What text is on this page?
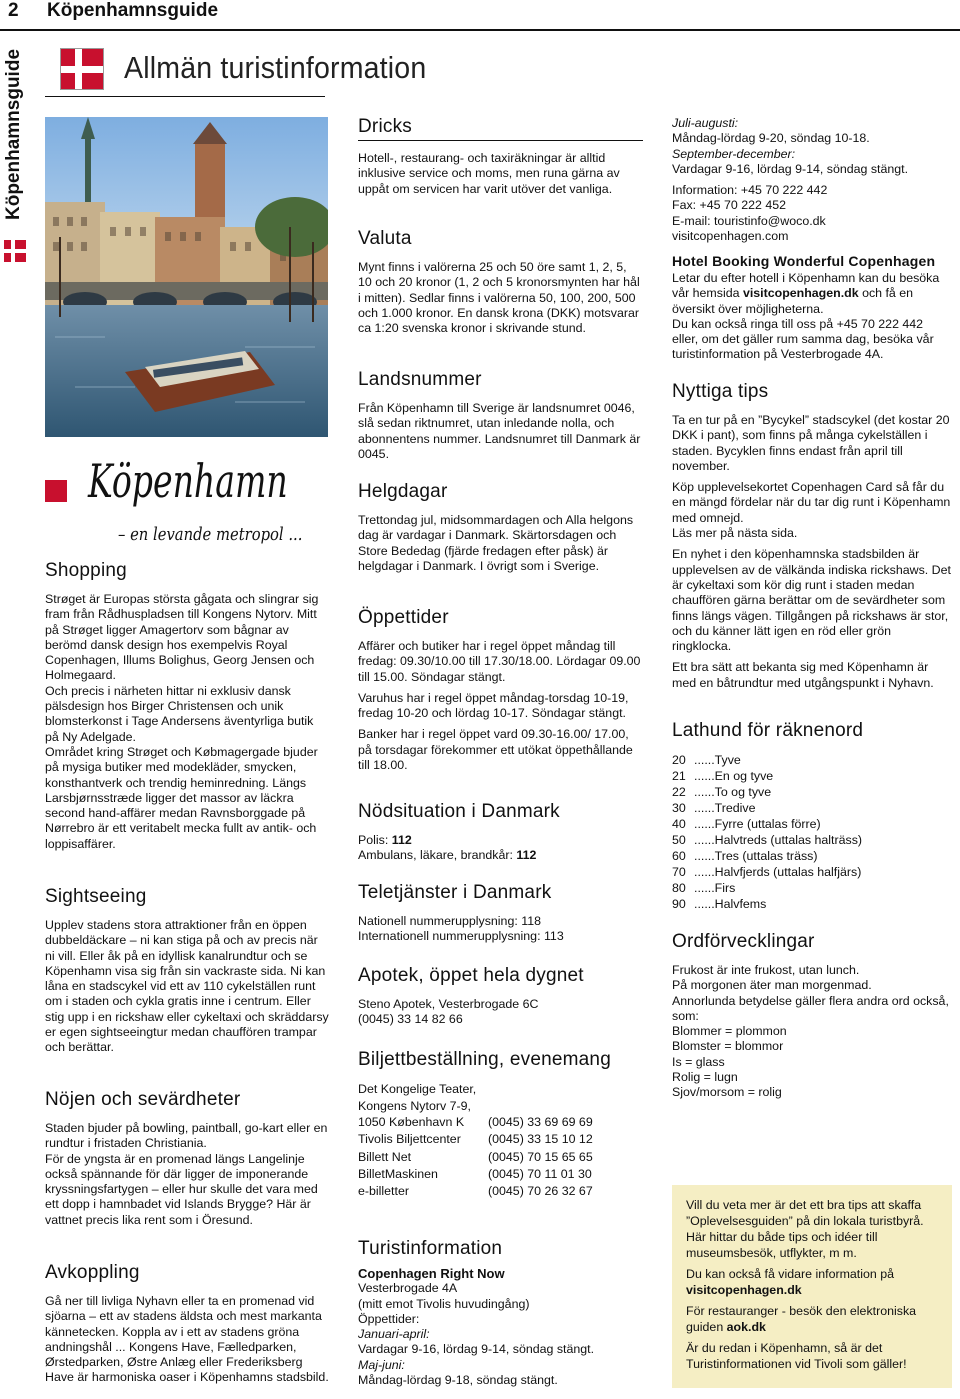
2 Köpenhamnsguide
Köpenhamnsguide	Allmän turistinformation
Köpenhamn
– en levande metropol ...
Shopping

Strøget är Europas största gågata och slingrar sig fram från Rådhuspladsen till Kongens Nytorv. Mitt på Strøget ligger Amagertorv som bågnar av berömd dansk design hos exempelvis Royal Copenhagen, Illums Bolighus, Georg Jensen och Holmegaard.

Och precis i närheten hittar ni exklusiv dansk pälsdesign hos Birger Christensen och unik blomsterkonst i Tage Andersens äventyrliga butik på Ny Adelgade.

Området kring Strøget och Købmagergade bjuder på mysiga butiker med modekläder, smycken, konsthantverk och trendig heminredning. Längs Larsbjørnsstræde ligger det massor av läckra second hand-affärer medan Ravnsborggade på Nørrebro är ett veritabelt mecka fullt av antik- och loppisaffärer.

Sightseeing

Upplev stadens stora attraktioner från en öppen dubbeldäckare – ni kan stiga på och av precis när ni vill. Eller åk på en idyllisk kanalrundtur och se Köpenhamn visa sig från sin vackraste sida. Ni kan låna en stadscykel vid ett av 110 cykelställen runt om i staden och cykla gratis inne i centrum. Eller stig upp i en rickshaw eller cykeltaxi och skräddarsy er egen sightseeingtur medan chauffören trampar och berättar.

Nöjen och sevärdheter

Staden bjuder på bowling, paintball, go-kart eller en rundtur i fristaden Christiania.

För de yngsta är en promenad längs Langelinje också spännande för där ligger de imponerande kryssningsfartygen – eller hur skulle det vara med ett dopp i hamnbadet vid Islands Brygge? Här är vattnet precis lika rent som i Öresund.

Avkoppling

Gå ner till livliga Nyhavn eller ta en promenad vid sjöarna – ett av stadens äldsta och mest markanta kännetecken. Koppla av i ett av stadens gröna andningshål ... Kongens Have, Fælledparken, Ørstedparken, Østre Anlæg eller Frederiksberg Have är harmoniska oaser i Köpenhamns stadsbild.

Dricks

Hotell-, restaurang- och taxiräkningar är alltid inklusive service och moms, men runa gärna av uppåt om servicen har varit utöver det vanliga.

Valuta

Mynt finns i valörerna 25 och 50 öre samt 1, 2, 5, 10 och 20 kronor (1, 2 och 5 kronorsmynten har hål i mitten). Sedlar finns i valörerna 50, 100, 200, 500 och 1.000 kronor. En dansk krona (DKK) motsvarar ca 1:20 svenska kronor i skrivande stund.

Landsnummer

Från Köpenhamn till Sverige är landsnumret 0046, slå sedan riktnumret, utan inledande nolla, och abonnentens nummer. Landsnumret till Danmark är 0045.

Helgdagar

Trettondag jul, midsommardagen och Alla helgons dag är vardagar i Danmark. Skärtorsdagen och Store Bededag (fjärde fredagen efter påsk) är helgdagar i Danmark. I övrigt som i Sverige.

Öppettider

Affärer och butiker har i regel öppet måndag till fredag: 09.30/10.00 till 17.30/18.00. Lördagar 09.00 till 15.00. Söndagar stängt.

Varuhus har i regel öppet måndag-torsdag 10-19, fredag 10-20 och lördag 10-17. Söndagar stängt.

Banker har i regel öppet vard 09.30-16.00/ 17.00, på torsdagar förekommer ett utökat öppethållande till 18.00.

Nödsituation i Danmark

Polis: 112

Ambulans, läkare, brandkår: 112

Teletjänster i Danmark

Nationell nummerupplysning: 118

Internationell nummerupplysning: 113

Apotek, öppet hela dygnet

Steno Apotek, Vesterbrogade 6C

(0045) 33 14 82 66

Biljettbeställning, evenemang

Det Kongelige Teater,

Kongens Nytorv 7-9,

1050 København K	(0045) 33 69 69 69
Tivolis Biljettcenter	(0045) 33 15 10 12
Billett Net	(0045) 70 15 65 65
BilletMaskinen	(0045) 70 11 01 30
e-billetter	(0045) 70 26 32 67
Turistinformation

Copenhagen Right Now

Vesterbrogade 4A

(mitt emot Tivolis huvudingång)

Öppettider:

Januari-april:

Vardagar 9-16, lördag 9-14, söndag stängt.

Maj-juni:

Måndag-lördag 9-18, söndag stängt.

Juli-augusti:

Måndag-lördag 9-20, söndag 10-18.

September-december:

Vardagar 9-16, lördag 9-14, söndag stängt.

Information: +45 70 222 442

Fax: +45 70 222 452

E-mail: touristinfo@woco.dk

visitcopenhagen.com

Hotel Booking Wonderful Copenhagen

Letar du efter hotell i Köpenhamn kan du besöka vår hemsida visitcopenhagen.dk och få en översikt över möjligheterna.

Du kan också ringa till oss på +45 70 222 442 eller, om det gäller rum samma dag, besöka vår turistinformation på Vesterbrogade 4A.

Nyttiga tips

Ta en tur på en ”Bycykel” stadscykel (det kostar 20 DKK i pant), som finns på många cykelställen i staden. Bycyklen finns endast från april till november.

Köp upplevelsekortet Copenhagen Card så får du en mängd fördelar när du tar dig runt i Köpenhamn med omnejd.

Läs mer på nästa sida.

En nyhet i den köpenhamnska stadsbilden är upplevelsen av de välkända indiska rickshaws. Det är cykeltaxi som kör dig runt i staden medan chauffören gärna berättar om de sevärdheter som finns längs vägen. Tillgången på rickshaws är stor, och du känner lätt igen en röd eller grön ringklocka.

Ett bra sätt att bekanta sig med Köpenhamn är med en båtrundtur med utgångspunkt i Nyhavn.

Lathund för räknenord
20 ......Tyve
21 ......En og tyve
22 ......To og tyve
30 ......Tredive
40 ......Fyrre (uttalas förre)
50 ......Halvtreds (uttalas halträss)
60 ......Tres (uttalas träss)
70 ......Halvfjerds (uttalas halfjärs)
80 ......Firs
90 ......Halvfems
Ordförvecklingar

Frukost är inte frukost, utan lunch.

På morgonen äter man morgenmad.

Annorlunda betydelse gäller flera andra ord också, som:

Blommer = plommon

Blomster = blommor

Is = glass

Rolig = lugn

Sjov/morsom = rolig

Vill du veta mer är det ett bra tips att skaffa ”Oplevelsesguiden” på din lokala turistbyrå. Här hittar du både tips och idéer till museumsbesök, utflykter, m m.

Du kan också få vidare information på visitcopenhagen.dk

För restauranger - besök den elektroniska guiden aok.dk

Är du redan i Köpenhamn, så är det Turistinformationen vid Tivoli som gäller!
